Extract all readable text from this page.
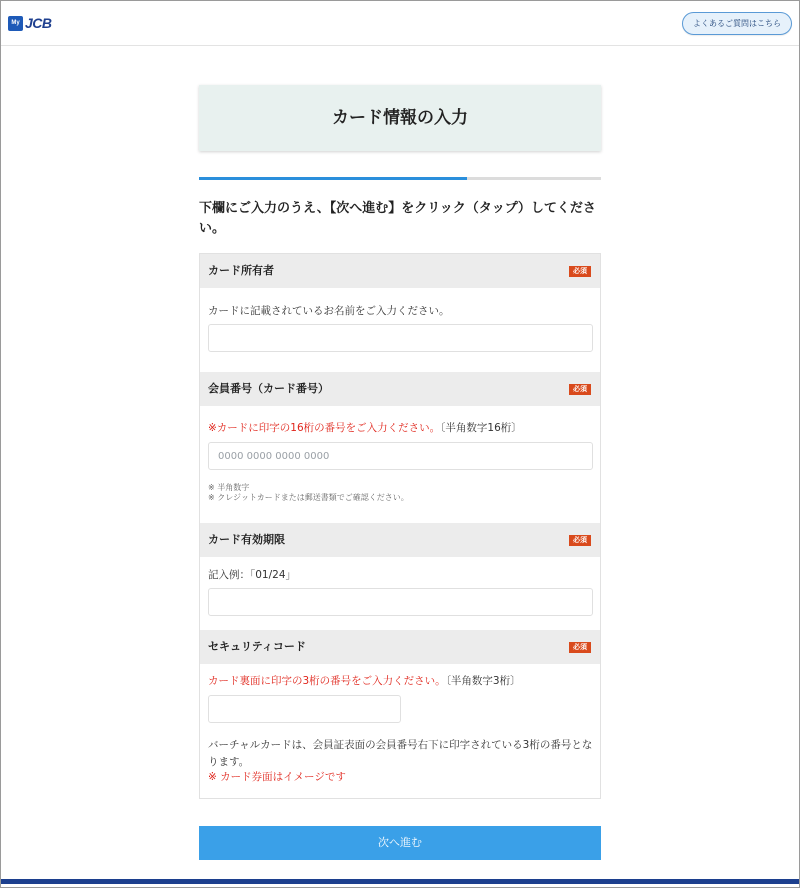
My JCB	よくあるご質問はこちら
カード情報の入力
下欄にご入力のうえ、【次へ進む】をクリック（タップ）してください。
カード所有者	必須
カードに記載されているお名前をご入力ください。
会員番号（カード番号）	必須
※カードに印字の16桁の番号をご入力ください。〔半角数字16桁〕
0000 0000 0000 0000
※ 半角数字
※ クレジットカードまたは郵送書類でご確認ください。
カード有効期限	必須
記入例：「01/24」
セキュリティコード	必須
カード裏面に印字の3桁の番号をご入力ください。〔半角数字3桁〕
バーチャルカードは、会員証表面の会員番号右下に印字されている3桁の番号となります。
※ カード券面はイメージです
次へ進む
